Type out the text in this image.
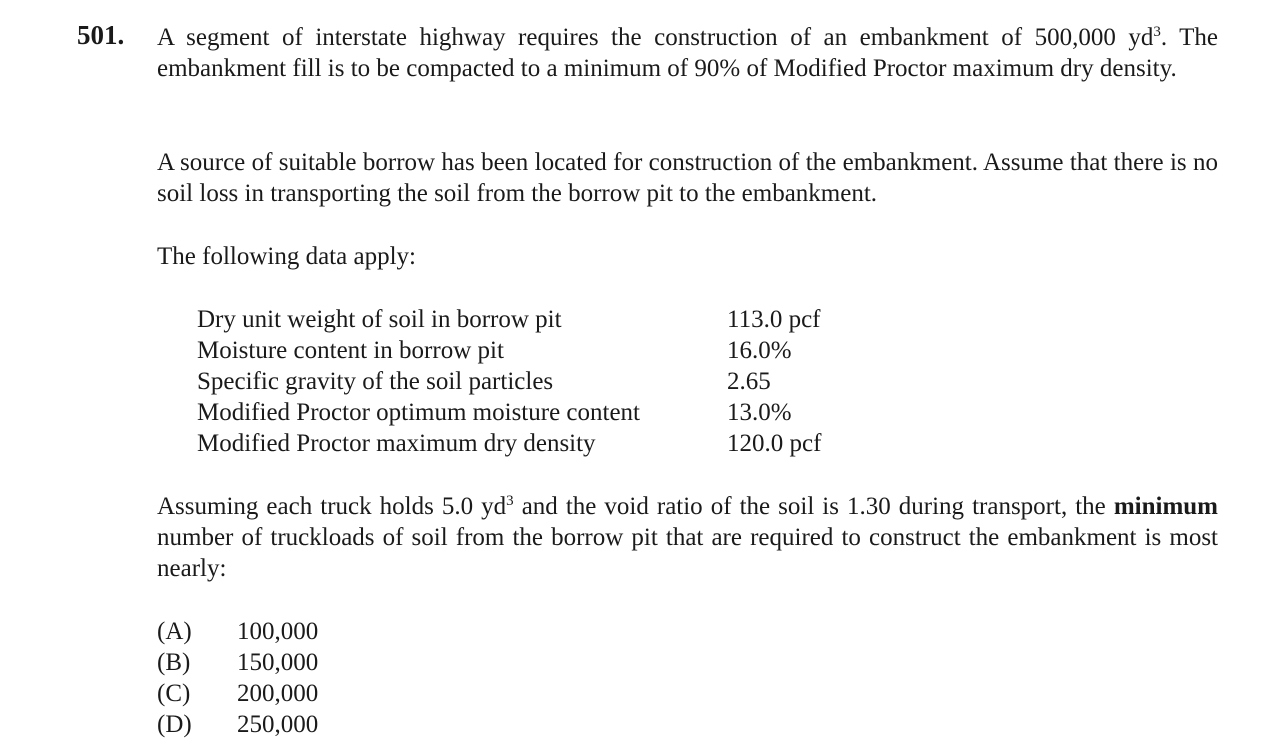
501. A segment of interstate highway requires the construction of an embankment of 500,000 $yd^3$. The embankment fill is to be compacted to a minimum of 90% of Modified Proctor maximum dry density.
A source of suitable borrow has been located for construction of the embankment. Assume that there is no soil loss in transporting the soil from the borrow pit to the embankment.
The following data apply:
Dry unit weight of soil in borrow pit	113.0 pcf
Moisture content in borrow pit	16.0%
Specific gravity of the soil particles	2.65
Modified Proctor optimum moisture content	13.0%
Modified Proctor maximum dry density	120.0 pcf
Assuming each truck holds 5.0 $yd^3$ and the void ratio of the soil is 1.30 during transport, the minimum number of truckloads of soil from the borrow pit that are required to construct the embankment is most nearly:
(A)	100,000
(B)	150,000
(C)	200,000
(D)	250,000
